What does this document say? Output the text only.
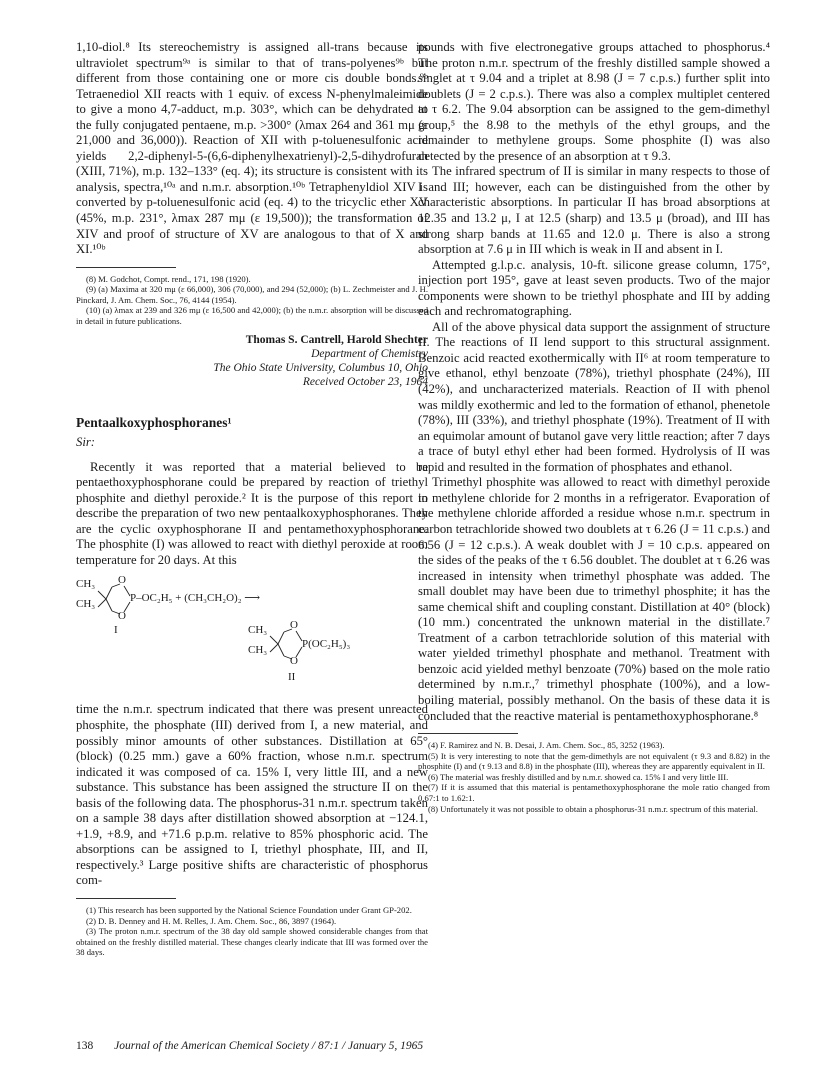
1,10-diol.⁸ Its stereochemistry is assigned all-trans because its ultraviolet spectrum⁹ᵃ is similar to that of trans-polyenes⁹ᵇ but different from those containing one or more cis double bonds.⁹ᵇ Tetraenediol XII reacts with 1 equiv. of excess N-phenylmaleimide to give a mono 4,7-adduct, m.p. 303°, which can be dehydrated to the fully conjugated pentaene, m.p. >300° (λmax 264 and 361 mμ (ε 21,000 and 36,000)). Reaction of XII with p-toluenesulfonic acid yields 2,2-diphenyl-5-(6,6-diphenylhexatrienyl)-2,5-dihydrofuran (XIII, 71%), m.p. 132–133° (eq. 4); its structure is consistent with its analysis, spectra,¹⁰ᵃ and n.m.r. absorption.¹⁰ᵇ Tetraphenyldiol XIV is converted by p-toluenesulfonic acid (eq. 4) to the tricyclic ether XV (45%, m.p. 231°, λmax 287 mμ (ε 19,500)); the transformation of XIV and proof of structure of XV are analogous to that of X and XI.¹⁰ᵇ

(8) M. Godchot, Compt. rend., 171, 198 (1920).

(9) (a) Maxima at 320 mμ (ε 66,000), 306 (70,000), and 294 (52,000); (b) L. Zechmeister and J. H. Pinckard, J. Am. Chem. Soc., 76, 4144 (1954).

(10) (a) λmax at 239 and 326 mμ (ε 16,500 and 42,000); (b) the n.m.r. absorption will be discussed in detail in future publications.

Thomas S. Cantrell, Harold Shechter

Department of Chemistry

The Ohio State University, Columbus 10, Ohio

Received October 23, 1964

Pentaalkoxyphosphoranes¹
Sir:

Recently it was reported that a material believed to be pentaethoxyphosphorane could be prepared by reaction of triethyl phosphite and diethyl peroxide.² It is the purpose of this report to describe the preparation of two new pentaalkoxyphosphoranes. They are the cyclic oxyphosphorane II and pentamethoxyphosphorane. The phosphite (I) was allowed to react with diethyl peroxide at room temperature for 20 days. At this

CH₃
CH₃
O
O
P–OC₂H₅ + (CH₃CH₂O)₂ ⟶
I	CH₃
CH₃
O
O
P(OC₂H₅)₃
II

time the n.m.r. spectrum indicated that there was present unreacted phosphite, the phosphate (III) derived from I, a new material, and possibly minor amounts of other substances. Distillation at 65° (block) (0.25 mm.) gave a 60% fraction, whose n.m.r. spectrum indicated it was composed of ca. 15% I, very little III, and a new substance. This substance has been assigned the structure II on the basis of the following data. The phosphorus-31 n.m.r. spectrum taken on a sample 38 days after distillation showed absorption at −124.1, +1.9, +8.9, and +71.6 p.p.m. relative to 85% phosphoric acid. The absorptions can be assigned to I, triethyl phosphate, III, and II, respectively.³ Large positive shifts are characteristic of phosphorus com-

(1) This research has been supported by the National Science Foundation under Grant GP-202.

(2) D. B. Denney and H. M. Relles, J. Am. Chem. Soc., 86, 3897 (1964).

(3) The proton n.m.r. spectrum of the 38 day old sample showed considerable changes from that obtained on the freshly distilled material. These changes clearly indicate that III was formed over the 38 days.

pounds with five electronegative groups attached to phosphorus.⁴ The proton n.m.r. spectrum of the freshly distilled sample showed a singlet at τ 9.04 and a triplet at 8.98 (J = 7 c.p.s.) further split into doublets (J = 2 c.p.s.). There was also a complex multiplet centered at τ 6.2. The 9.04 absorption can be assigned to the gem-dimethyl group,⁵ the 8.98 to the methyls of the ethyl groups, and the remainder to methylene groups. Some phosphite (I) was also detected by the presence of an absorption at τ 9.3.

The infrared spectrum of II is similar in many respects to those of I and III; however, each can be distinguished from the other by characteristic absorptions. In particular II has broad absorptions at 12.35 and 13.2 μ, I at 12.5 (sharp) and 13.5 μ (broad), and III has strong sharp bands at 11.65 and 12.0 μ. There is also a strong absorption at 7.6 μ in III which is weak in II and absent in I.

Attempted g.l.p.c. analysis, 10-ft. silicone grease column, 175°, injection port 195°, gave at least seven products. Two of the major components were shown to be triethyl phosphate and III by adding each and rechromatographing.

All of the above physical data support the assignment of structure II. The reactions of II lend support to this structural assignment. Benzoic acid reacted exothermically with II⁶ at room temperature to give ethanol, ethyl benzoate (78%), triethyl phosphate (24%), III (42%), and uncharacterized materials. Reaction of II with phenol was mildly exothermic and led to the formation of ethanol, phenetole (78%), III (33%), and triethyl phosphate (19%). Treatment of II with an equimolar amount of butanol gave very little reaction; after 7 days a trace of butyl ethyl ether had been formed. Hydrolysis of II was rapid and resulted in the formation of phosphates and ethanol.

Trimethyl phosphite was allowed to react with dimethyl peroxide in methylene chloride for 2 months in a refrigerator. Evaporation of the methylene chloride afforded a residue whose n.m.r. spectrum in carbon tetrachloride showed two doublets at τ 6.26 (J = 11 c.p.s.) and 6.56 (J = 12 c.p.s.). A weak doublet with J = 10 c.p.s. appeared on the sides of the peaks of the τ 6.56 doublet. The doublet at τ 6.26 was increased in intensity when trimethyl phosphate was added. The small doublet may have been due to trimethyl phosphite; it has the same chemical shift and coupling constant. Distillation at 40° (block) (10 mm.) concentrated the unknown material in the distillate.⁷ Treatment of a carbon tetrachloride solution of this material with water yielded trimethyl phosphate and methanol. Treatment with benzoic acid yielded methyl benzoate (70%) based on the mole ratio determined by n.m.r.,⁷ trimethyl phosphate (100%), and a low-boiling material, possibly methanol. On the basis of these data it is concluded that the reactive material is pentamethoxyphosphorane.⁸

(4) F. Ramirez and N. B. Desai, J. Am. Chem. Soc., 85, 3252 (1963).

(5) It is very interesting to note that the gem-dimethyls are not equivalent (τ 9.3 and 8.82) in the phosphite (I) and (τ 9.13 and 8.8) in the phosphate (III), whereas they are apparently equivalent in II.

(6) The material was freshly distilled and by n.m.r. showed ca. 15% I and very little III.

(7) If it is assumed that this material is pentamethoxyphosphorane the mole ratio changed from 0.67:1 to 1.62:1.

(8) Unfortunately it was not possible to obtain a phosphorus-31 n.m.r. spectrum of this material.

138 Journal of the American Chemical Society / 87:1 / January 5, 1965
